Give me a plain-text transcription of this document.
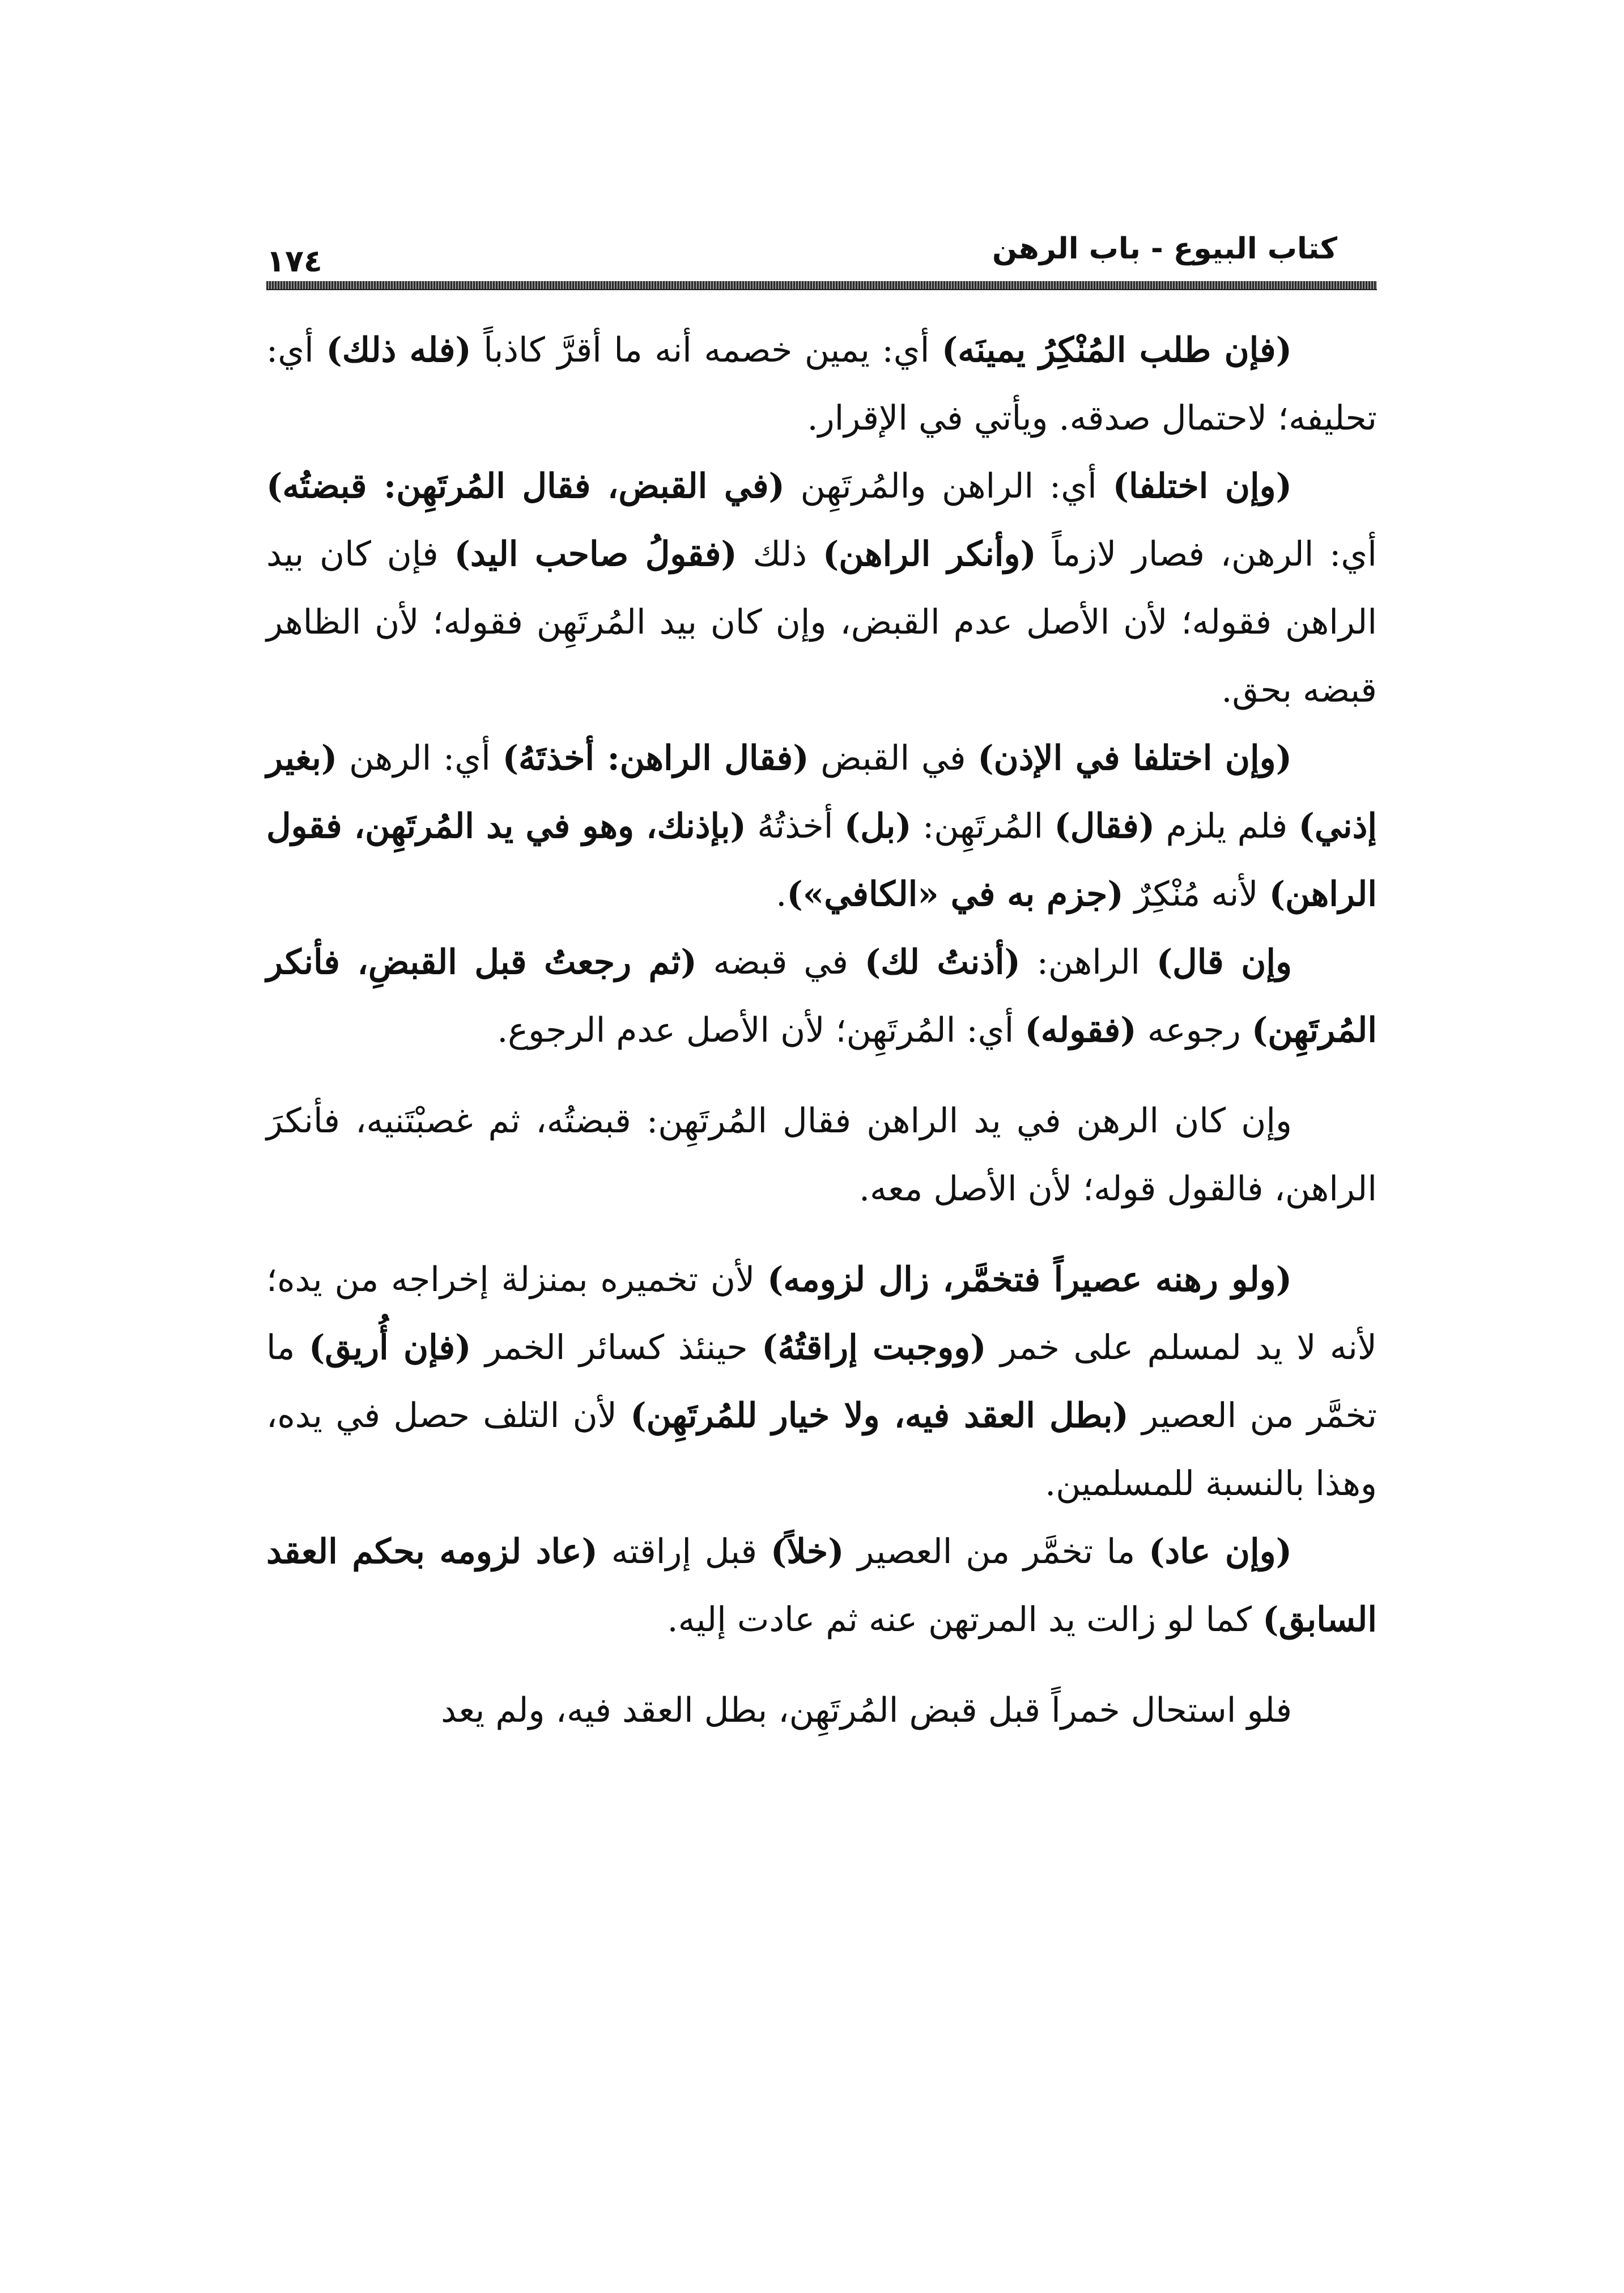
كتاب البيوع - باب الرهن
١٧٤

(فإن طلب المُنْكِرُ يمينَه) أي: يمين خصمه أنه ما أقرَّ كاذباً (فله ذلك) أي: تحليفه؛ لاحتمال صدقه. ويأتي في الإقرار.

(وإن اختلفا) أي: الراهن والمُرتَهِن (في القبض، فقال المُرتَهِن: قبضتُه) أي: الرهن، فصار لازماً (وأنكر الراهن) ذلك (فقولُ صاحب اليد) فإن كان بيد الراهن فقوله؛ لأن الأصل عدم القبض، وإن كان بيد المُرتَهِن فقوله؛ لأن الظاهر قبضه بحق.

(وإن اختلفا في الإذن) في القبض (فقال الراهن: أخذتَهُ) أي: الرهن (بغير إذني) فلم يلزم (فقال) المُرتَهِن: (بل) أخذتُهُ (بإذنك، وهو في يد المُرتَهِن، فقول الراهن) لأنه مُنْكِرٌ (جزم به في «الكافي»).

وإن قال) الراهن: (أذنتُ لك) في قبضه (ثم رجعتُ قبل القبضِ، فأنكر المُرتَهِن) رجوعه (فقوله) أي: المُرتَهِن؛ لأن الأصل عدم الرجوع.

وإن كان الرهن في يد الراهن فقال المُرتَهِن: قبضتُه، ثم غصبْتَنيه، فأنكرَ الراهن، فالقول قوله؛ لأن الأصل معه.

(ولو رهنه عصيراً فتخمَّر، زال لزومه) لأن تخميره بمنزلة إخراجه من يده؛ لأنه لا يد لمسلم على خمر (ووجبت إراقتُهُ) حينئذ كسائر الخمر (فإن أُريق) ما تخمَّر من العصير (بطل العقد فيه، ولا خيار للمُرتَهِن) لأن التلف حصل في يده، وهذا بالنسبة للمسلمين.

(وإن عاد) ما تخمَّر من العصير (خلاً) قبل إراقته (عاد لزومه بحكم العقد السابق) كما لو زالت يد المرتهن عنه ثم عادت إليه.

فلو استحال خمراً قبل قبض المُرتَهِن، بطل العقد فيه، ولم يعد
